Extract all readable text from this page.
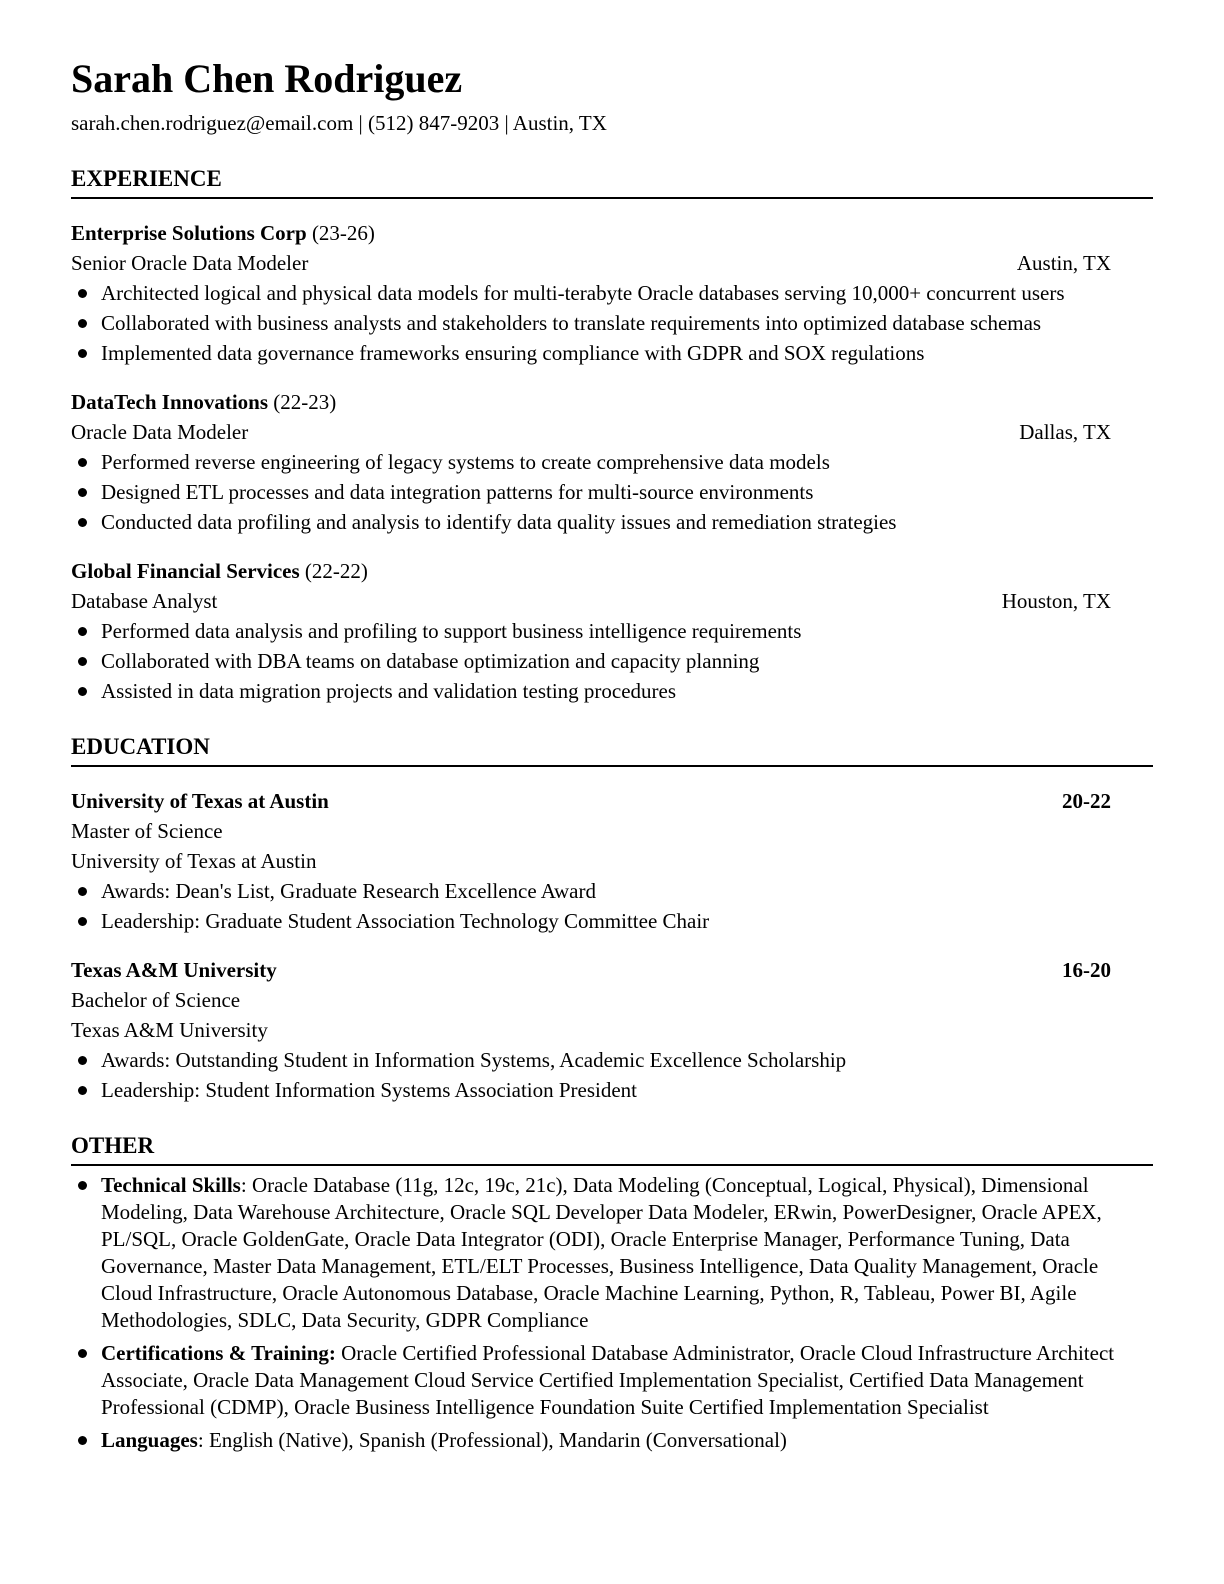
Sarah Chen Rodriguez
sarah.chen.rodriguez@email.com | (512) 847-9203 | Austin, TX
EXPERIENCE
Enterprise Solutions Corp (23-26)
Senior Oracle Data Modeler	Austin, TX
Architected logical and physical data models for multi-terabyte Oracle databases serving 10,000+ concurrent users
Collaborated with business analysts and stakeholders to translate requirements into optimized database schemas
Implemented data governance frameworks ensuring compliance with GDPR and SOX regulations
DataTech Innovations (22-23)
Oracle Data Modeler	Dallas, TX
Performed reverse engineering of legacy systems to create comprehensive data models
Designed ETL processes and data integration patterns for multi-source environments
Conducted data profiling and analysis to identify data quality issues and remediation strategies
Global Financial Services (22-22)
Database Analyst	Houston, TX
Performed data analysis and profiling to support business intelligence requirements
Collaborated with DBA teams on database optimization and capacity planning
Assisted in data migration projects and validation testing procedures
EDUCATION
University of Texas at Austin	20-22
Master of Science
University of Texas at Austin
Awards: Dean's List, Graduate Research Excellence Award
Leadership: Graduate Student Association Technology Committee Chair
Texas A&M University	16-20
Bachelor of Science
Texas A&M University
Awards: Outstanding Student in Information Systems, Academic Excellence Scholarship
Leadership: Student Information Systems Association President
OTHER
Technical Skills: Oracle Database (11g, 12c, 19c, 21c), Data Modeling (Conceptual, Logical, Physical), Dimensional Modeling, Data Warehouse Architecture, Oracle SQL Developer Data Modeler, ERwin, PowerDesigner, Oracle APEX, PL/SQL, Oracle GoldenGate, Oracle Data Integrator (ODI), Oracle Enterprise Manager, Performance Tuning, Data Governance, Master Data Management, ETL/ELT Processes, Business Intelligence, Data Quality Management, Oracle Cloud Infrastructure, Oracle Autonomous Database, Oracle Machine Learning, Python, R, Tableau, Power BI, Agile Methodologies, SDLC, Data Security, GDPR Compliance
Certifications & Training: Oracle Certified Professional Database Administrator, Oracle Cloud Infrastructure Architect Associate, Oracle Data Management Cloud Service Certified Implementation Specialist, Certified Data Management Professional (CDMP), Oracle Business Intelligence Foundation Suite Certified Implementation Specialist
Languages: English (Native), Spanish (Professional), Mandarin (Conversational)
